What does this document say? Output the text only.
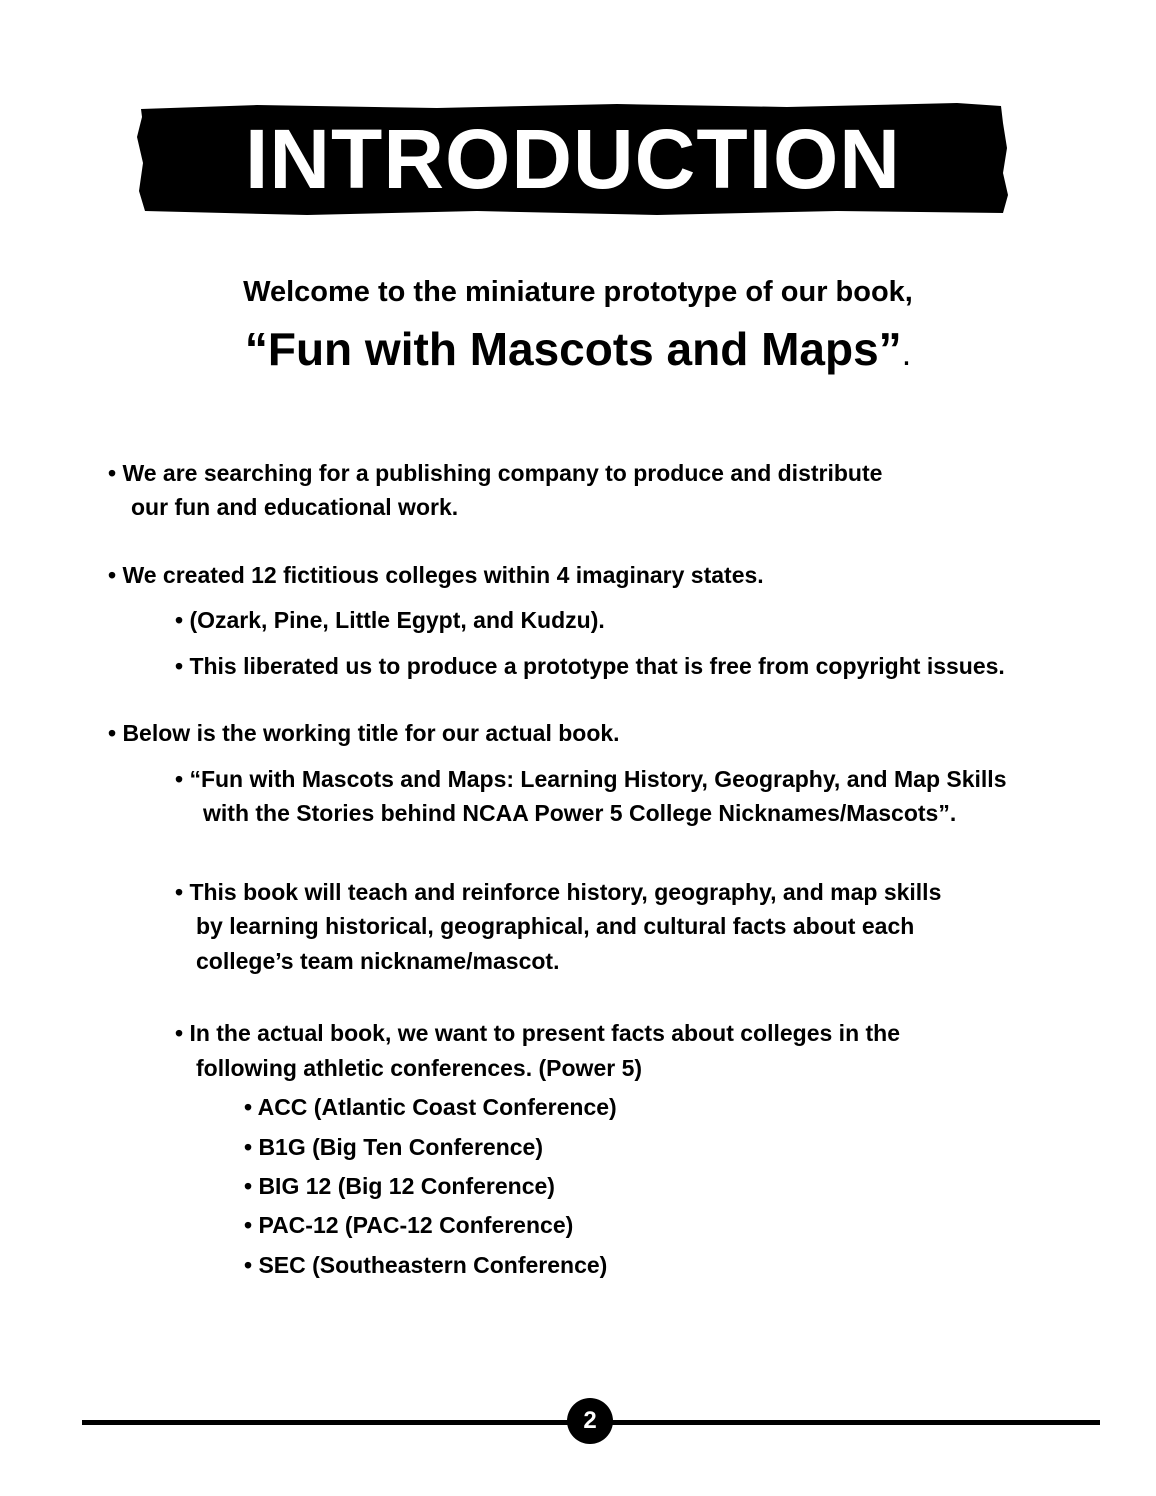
INTRODUCTION
Welcome to the miniature prototype of our book,
“Fun with Mascots and Maps”.
• We are searching for a publishing company to produce and distribute
our fun and educational work.
• We created 12 fictitious colleges within 4 imaginary states.
• (Ozark, Pine, Little Egypt, and Kudzu).
• This liberated us to produce a prototype that is free from copyright issues.
• Below is the working title for our actual book.
• “Fun with Mascots and Maps: Learning History, Geography, and Map Skills
with the Stories behind NCAA Power 5 College Nicknames/Mascots”.
• This book will teach and reinforce history, geography, and map skills
by learning historical, geographical, and cultural facts about each
college’s team nickname/mascot.
• In the actual book, we want to present facts about colleges in the
following athletic conferences. (Power 5)
• ACC (Atlantic Coast Conference)
• B1G (Big Ten Conference)
• BIG 12 (Big 12 Conference)
• PAC-12 (PAC-12 Conference)
• SEC (Southeastern Conference)
2
